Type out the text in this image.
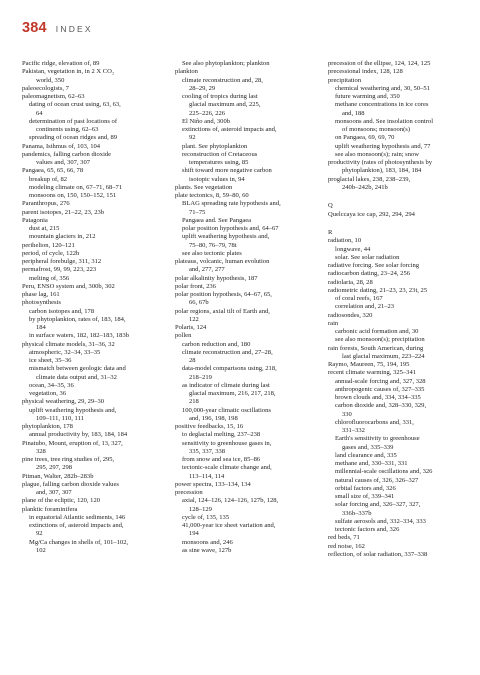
384 INDEX
Pacific ridge, elevation of, 89
Pakistan, vegetation in, in 2 X CO₂
world, 350
paleoecologists, 7
paleomagnetism, 62–63
dating of ocean crust using, 63, 63,
64
determination of past locations of
continents using, 62–63
spreading of ocean ridges and, 89
Panama, Isthmus of, 103, 104
pandemics, falling carbon dioxide
values and, 307, 307
Pangaea, 65, 65, 66, 78
breakup of, 82
modeling climate on, 67–71, 68–71
monsoons on, 150, 150–152, 151
Paranthropus, 276
parent isotopes, 21–22, 23, 23b
Patagonia
dust at, 215
mountain glaciers in, 212
perihelion, 120–121
period, of cycle, 122b
peripheral forebulge, 311, 312
permafrost, 99, 99, 223, 223
melting of, 356
Peru, ENSO system and, 300b, 302
phase lag, 161
photosynthesis
carbon isotopes and, 178
by phytoplankton, rates of, 183, 184,
184
in surface waters, 182, 182–183, 183b
physical climate models, 31–36, 32
atmospheric, 32–34, 33–35
ice sheet, 35–36
mismatch between geologic data and
climate data output and, 31–32
ocean, 34–35, 36
vegetation, 36
physical weathering, 29, 29–30
uplift weathering hypothesis and,
109–111, 110, 111
phytoplankton, 178
annual productivity by, 183, 184, 184
Pinatubo, Mount, eruption of, 13, 327,
328
pine trees, tree ring studies of, 295,
295, 297, 298
Pitman, Walter, 282b–283b
plague, falling carbon dioxide values
and, 307, 307
plane of the ecliptic, 120, 120
planktic foraminifera
in equatorial Atlantic sediments, 146
extinctions of, asteroid impacts and,
92
Mg/Ca changes in shells of, 101–102,
102
See also phytoplankton; plankton
plankton
climate reconstruction and, 28,
28–29, 29
cooling of tropics during last
glacial maximum and, 225,
225–226, 226
El Niño and, 300b
extinctions of, asteroid impacts and,
92
plant. See phytoplankton
reconstruction of Cretaceous
temperatures using, 85
shift toward more negative carbon
isotopic values in, 94
plants. See vegetation
plate tectonics, 8, 59–80, 60
BLAG spreading rate hypothesis and,
71–75
Pangaea and. See Pangaea
polar position hypothesis and, 64–67
uplift weathering hypothesis and,
75–80, 76–79, 78t
see also tectonic plates
plateaus, volcanic, human evolution
and, 277, 277
polar alkalinity hypothesis, 187
polar front, 236
polar position hypothesis, 64–67, 65,
66, 67b
polar regions, axial tilt of Earth and,
122
Polaris, 124
pollen
carbon reduction and, 180
climate reconstruction and, 27–28,
28
data-model comparisons using, 218,
218–219
as indicator of climate during last
glacial maximum, 216, 217, 218,
218
100,000-year climatic oscillations
and, 196, 198, 198
positive feedbacks, 15, 16
to deglacial melting, 237–238
sensitivity to greenhouse gases in,
335, 337, 338
from snow and sea ice, 85–86
tectonic-scale climate change and,
113–114, 114
power spectra, 133–134, 134
precession
axial, 124–126, 124–126, 127b, 128,
128–129
cycle of, 135, 135
41,000-year ice sheet variation and,
194
monsoons and, 246
as sine wave, 127b
precession of the ellipse, 124, 124, 125
precessional index, 128, 128
precipitation
chemical weathering and, 30, 50–51
future warming and, 350
methane concentrations in ice cores
and, 188
monsoons and. See insolation control
of monsoons; monsoon(s)
on Pangaea, 69, 69, 70
uplift weathering hypothesis and, 77
see also monsoon(s); rain; snow
productivity (rates of photosynthesis by
phytoplankton), 183, 184, 184
proglacial lakes, 238, 238–239,
240b–242b, 241b
Q
Quelccaya ice cap, 292, 294, 294
R
radiation, 10
longwave, 44
solar. See solar radiation
radiative forcing. See solar forcing
radiocarbon dating, 23–24, 256
radiolaria, 28, 28
radiometric dating, 21–23, 23, 23t, 25
of coral reefs, 167
correlation and, 21–23
radiosondes, 320
rain
carbonic acid formation and, 30
see also monsoon(s); precipitation
rain forests, South American, during
last glacial maximum, 223–224
Raymo, Maureen, 75, 194, 195
recent climate warming, 325–341
annual-scale forcing and, 327, 328
anthropogenic causes of, 327–335
brown clouds and, 334, 334–335
carbon dioxide and, 328–330, 329,
330
chlorofluorocarbons and, 331,
331–332
Earth's sensitivity to greenhouse
gases and, 335–339
land clearance and, 335
methane and, 330–331, 331
millennial-scale oscillations and, 326
natural causes of, 326, 326–327
orbital factors and, 326
small size of, 339–341
solar forcing and, 326–327, 327,
336b–337b
sulfate aerosols and, 332–334, 333
tectonic factors and, 326
red beds, 71
red noise, 162
reflection, of solar radiation, 337–338
